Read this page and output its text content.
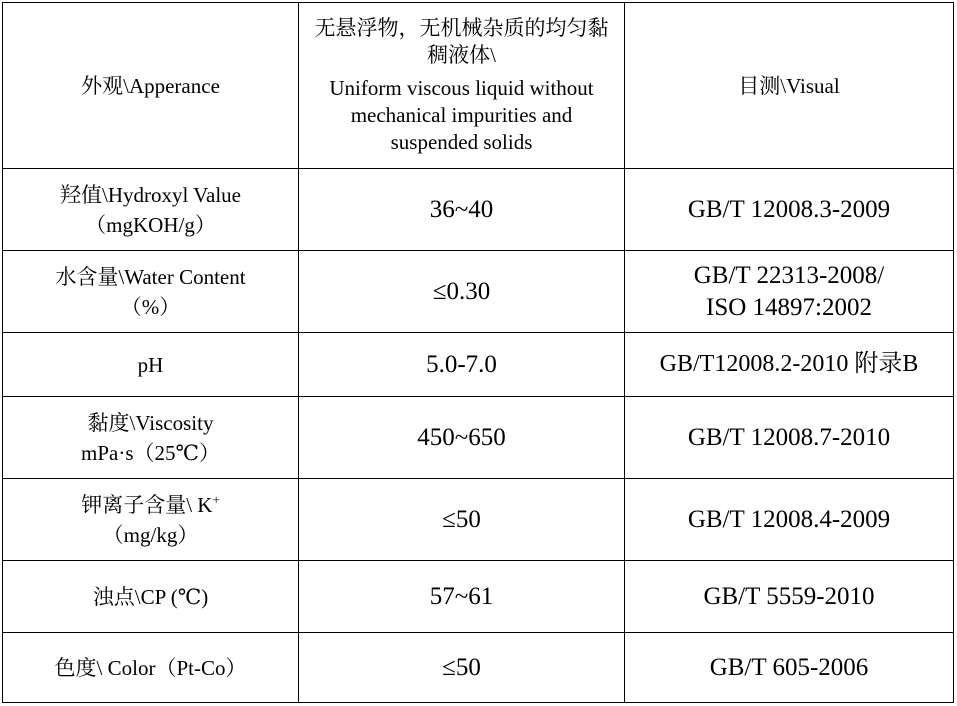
外观\Apperance	无悬浮物，无机械杂质的均匀黏
稠液体\
Uniform viscous liquid without
mechanical impurities and
suspended solids	目测\Visual

羟值\Hydroxyl Value
（mgKOH/g）	36~40	GB/T 12008.3-2009

水含量\Water Content
（%）	≤0.30	GB/T 22313-2008/
ISO 14897:2002

pH	5.0-7.0	GB/T12008.2-2010 附录B

黏度\Viscosity
mPa·s（25℃）	450~650	GB/T 12008.7-2010

钾离子含量\ K+
（mg/kg）	≤50	GB/T 12008.4-2009

浊点\CP (℃)	57~61	GB/T 5559-2010

色度\ Color（Pt-Co）	≤50	GB/T 605-2006
